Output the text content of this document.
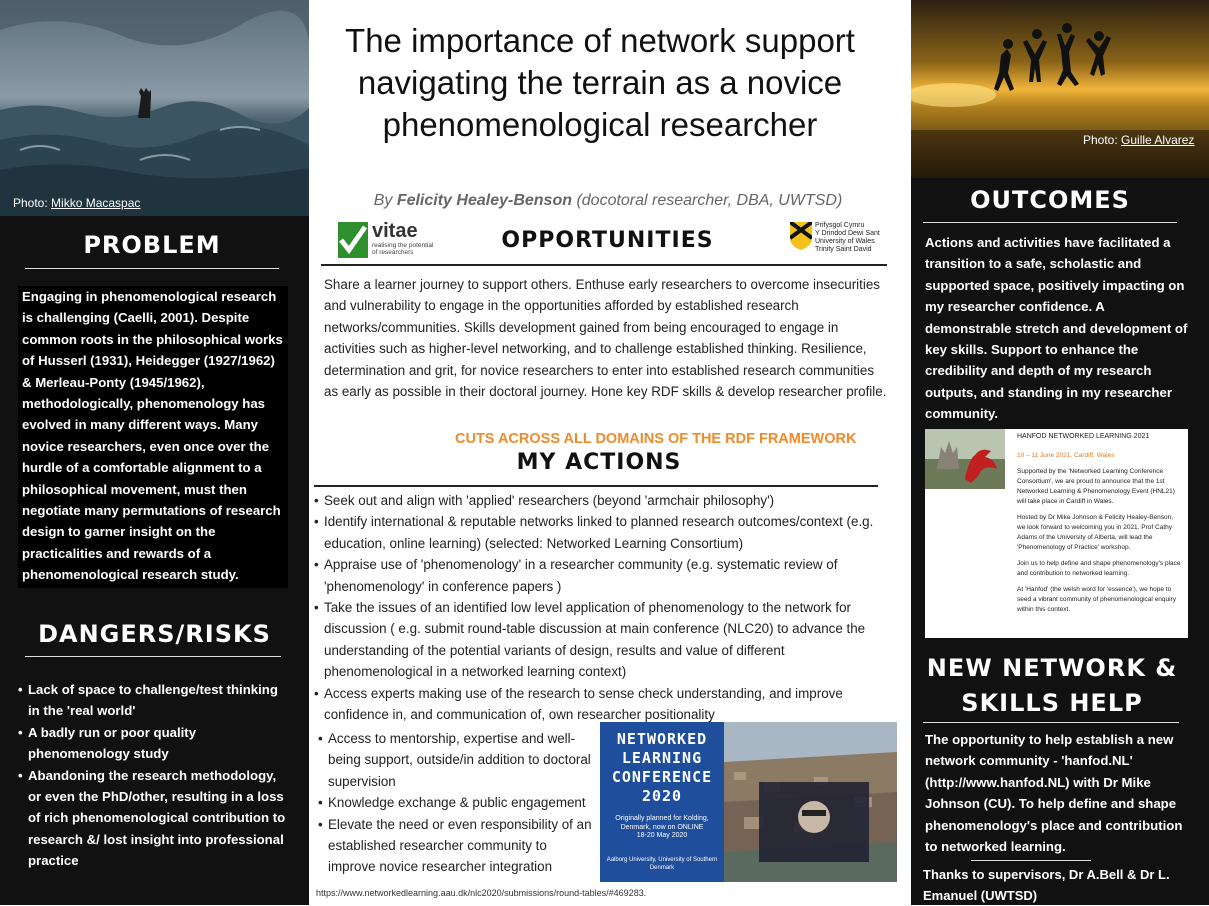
Photo: Mikko Macaspac
PROBLEM
Engaging in phenomenological research is challenging (Caelli, 2001). Despite common roots in the philosophical works of Husserl (1931), Heidegger (1927/1962) & Merleau-Ponty (1945/1962), methodologically, phenomenology has evolved in many different ways. Many novice researchers, even once over the hurdle of a comfortable alignment to a philosophical movement, must then negotiate many permutations of research design to garner insight on the practicalities and rewards of a phenomenological research study.
DANGERS/RISKS
• Lack of space to challenge/test thinking in the 'real world'
• A badly run or poor quality phenomenology study
• Abandoning the research methodology, or even the PhD/other, resulting in a loss of rich phenomenological contribution to research &/ lost insight into professional practice
The importance of network support navigating the terrain as a novice phenomenological researcher
By Felicity Healey-Benson (docotoral researcher, DBA, UWTSD)
vitae
realising the potential of researchers	OPPORTUNITIES
Prifysgol Cymru
Y Drindod Dewi Sant
University of Wales
Trinity Saint David
Share a learner journey to support others. Enthuse early researchers to overcome insecurities and vulnerability to engage in the opportunities afforded by established research networks/communities. Skills development gained from being encouraged to engage in activities such as higher-level networking, and to challenge established thinking. Resilience, determination and grit, for novice researchers to enter into established research communities as early as possible in their doctoral journey. Hone key RDF skills & develop researcher profile.
CUTS ACROSS ALL DOMAINS OF THE RDF FRAMEWORK
MY ACTIONS
• Seek out and align with 'applied' researchers (beyond 'armchair philosophy')
• Identify international & reputable networks linked to planned research outcomes/context (e.g. education, online learning) (selected: Networked Learning Consortium)
• Appraise use of 'phenomenology' in a researcher community (e.g. systematic review of 'phenomenology' in conference papers )
• Take the issues of an identified low level application of phenomenology to the network for discussion ( e.g. submit round-table discussion at main conference (NLC20) to advance the understanding of the potential variants of design, results and value of different phenomenological in a networked learning context)
• Access experts making use of the research to sense check understanding, and improve confidence in, and communication of, own researcher positionality
• Access to mentorship, expertise and well-being support, outside/in addition to doctoral supervision
• Knowledge exchange & public engagement
• Elevate the need or even responsibility of an established researcher community to improve novice researcher integration
NETWORKED
LEARNING
CONFERENCE 2020
Originally planned for Kolding, Denmark, now on ONLINE
18-20 May 2020
Aalborg University, University of Southern Denmark
https://www.networkedlearning.aau.dk/nlc2020/submissions/round-tables/#469283.
Photo: Guille Alvarez
OUTCOMES
Actions and activities have facilitated a transition to a safe, scholastic and supported space, positively impacting on my researcher confidence. A demonstrable stretch and development of key skills. Support to enhance the credibility and depth of my research outputs, and standing in my researcher community.
HANFOD NETWORKED LEARNING 2021
10 – 11 June 2021, Cardiff, Wales
Supported by the 'Networked Learning Conference Consortium', we are proud to announce that the 1st Networked Learning & Phenomenology Event (HNL21) will take place in Cardiff in Wales.
Hosted by Dr Mike Johnson & Felicity Healey-Benson, we look forward to welcoming you in 2021. Prof Cathy Adams of the University of Alberta, will lead the 'Phenomenology of Practice' workshop.
Join us to help define and shape phenomenology's place and contribution to networked learning.
At 'Hanfod' (the welsh word for 'essence'), we hope to seed a vibrant community of phenomenological enquiry within this context.
NEW NETWORK &
SKILLS HELP
The opportunity to help establish a new network community - 'hanfod.NL' (http://www.hanfod.NL) with Dr Mike Johnson (CU). To help define and shape phenomenology's place and contribution to networked learning.
Thanks to supervisors, Dr A.Bell & Dr L. Emanuel (UWTSD)
